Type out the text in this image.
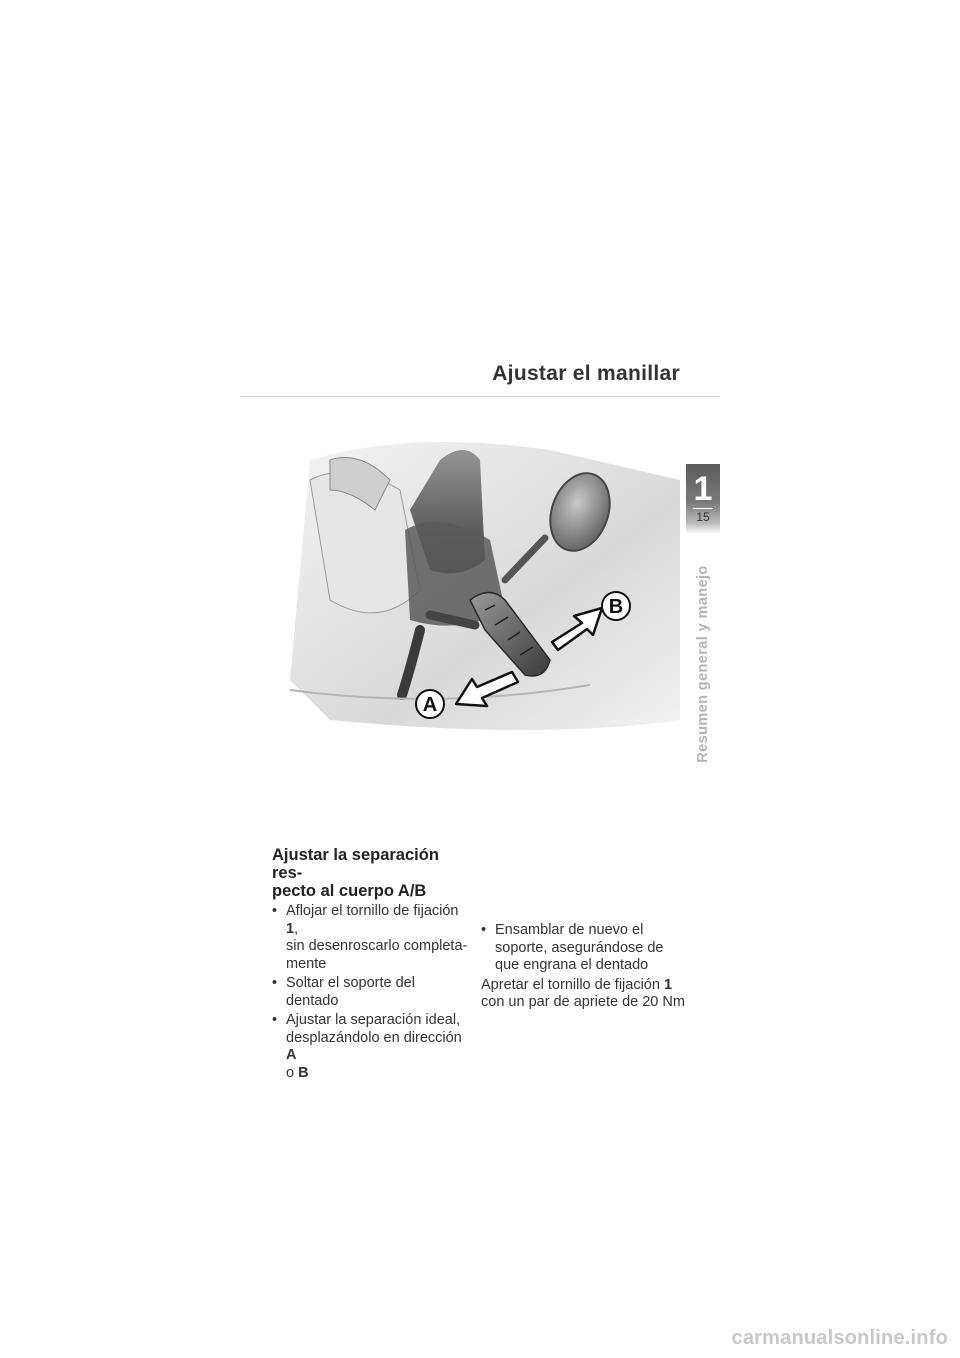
Ajustar el manillar
1
15
Resumen general y manejo
B
A
Ajustar la separación res-
pecto al cuerpo A/B
• Aflojar el tornillo de fijación 1,
sin desenroscarlo completa-
mente
• Soltar el soporte del dentado
• Ajustar la separación ideal,
desplazándolo en dirección A
o B
• Ensamblar de nuevo el
soporte, asegurándose de
que engrana el dentado
Apretar el tornillo de fijación 1
con un par de apriete de 20 Nm
carmanualsonline.info
